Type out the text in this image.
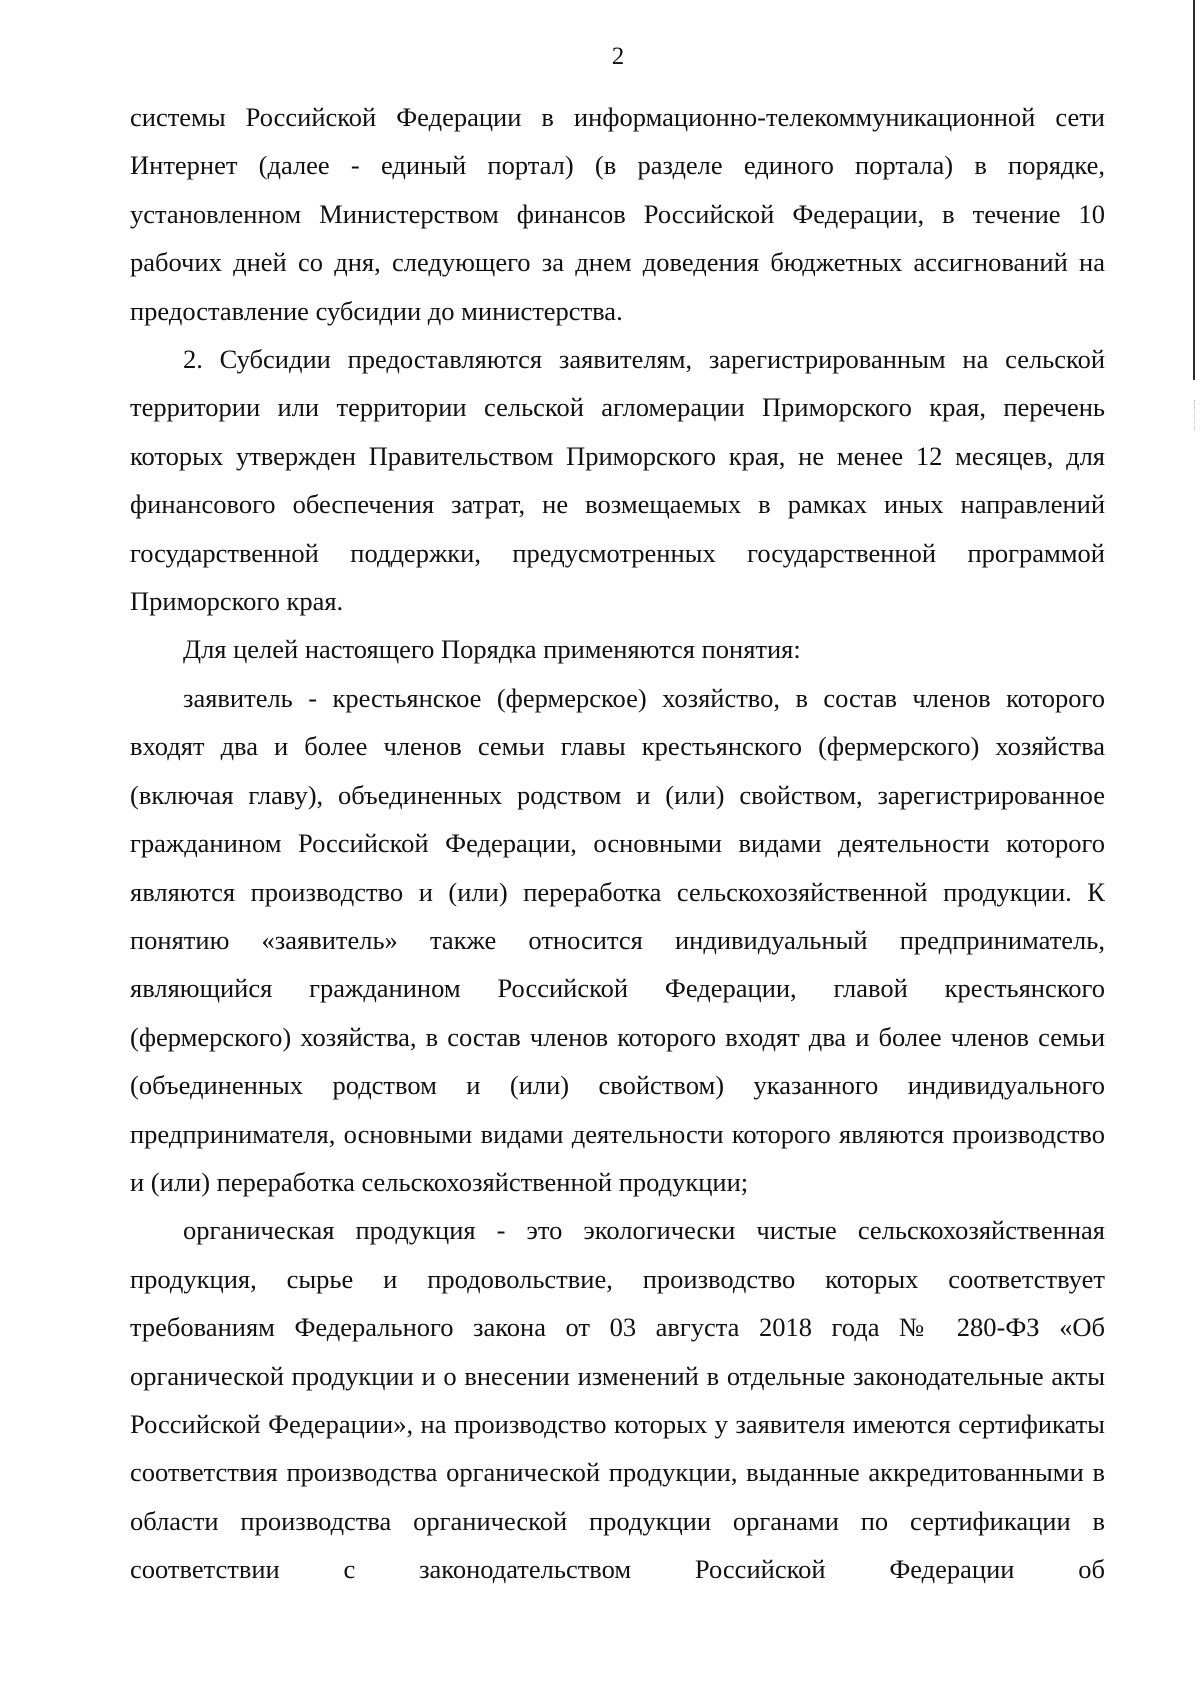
2

системы Российской Федерации в информационно-телекоммуникационной сети Интернет (далее - единый портал) (в разделе единого портала) в порядке, установленном Министерством финансов Российской Федерации, в течение 10 рабочих дней со дня, следующего за днем доведения бюджетных ассигнований на предоставление субсидии до министерства.

2. Субсидии предоставляются заявителям, зарегистрированным на сельской территории или территории сельской агломерации Приморского края, перечень которых утвержден Правительством Приморского края, не менее 12 месяцев, для финансового обеспечения затрат, не возмещаемых в рамках иных направлений государственной поддержки, предусмотренных государственной программой Приморского края.

Для целей настоящего Порядка применяются понятия:

заявитель - крестьянское (фермерское) хозяйство, в состав членов которого входят два и более членов семьи главы крестьянского (фермерского) хозяйства (включая главу), объединенных родством и (или) свойством, зарегистрированное гражданином Российской Федерации, основными видами деятельности которого являются производство и (или) переработка сельскохозяйственной продукции. К понятию «заявитель» также относится индивидуальный предприниматель, являющийся гражданином Российской Федерации, главой крестьянского (фермерского) хозяйства, в состав членов которого входят два и более членов семьи (объединенных родством и (или) свойством) указанного индивидуального предпринимателя, основными видами деятельности которого являются производство и (или) переработка сельскохозяйственной продукции;

органическая продукция - это экологически чистые сельскохозяйственная продукция, сырье и продовольствие, производство которых соответствует требованиям Федерального закона от 03 августа 2018 года № 280-ФЗ «Об органической продукции и о внесении изменений в отдельные законодательные акты Российской Федерации», на производство которых у заявителя имеются сертификаты соответствия производства органической продукции, выданные аккредитованными в области производства органической продукции органами по сертификации в соответствии с законодательством Российской Федерации об
